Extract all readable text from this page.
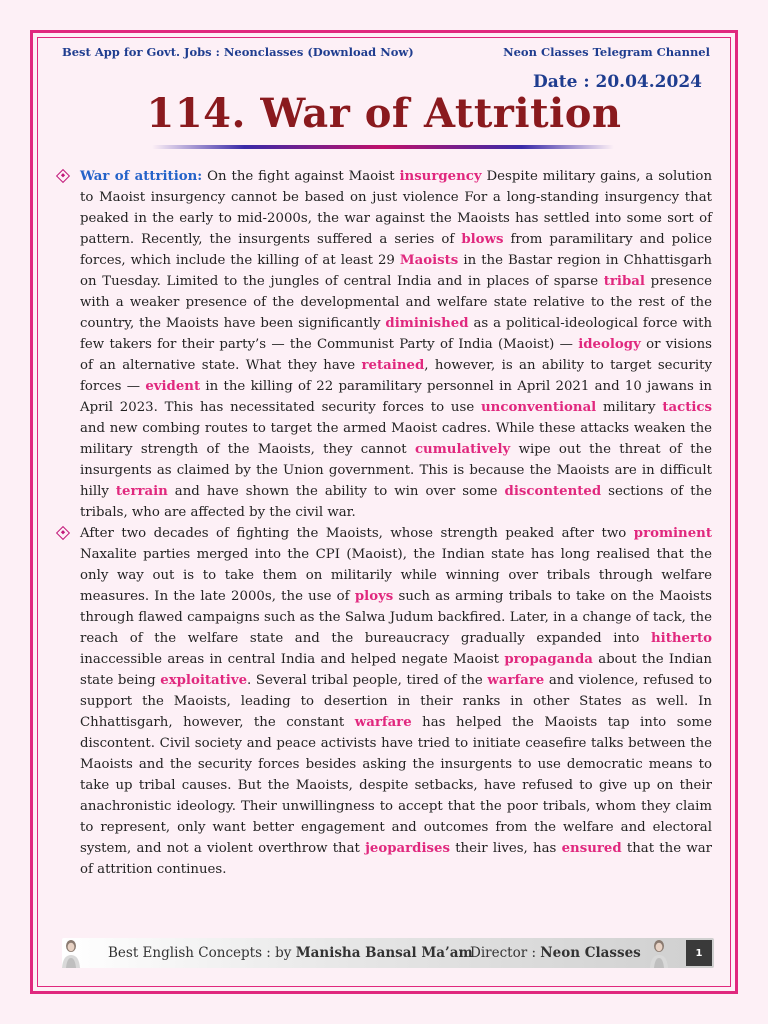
Best App for Govt. Jobs : Neonclasses (Download Now)	Neon Classes Telegram Channel
Date : 20.04.2024
114. War of Attrition
War of attrition: On the fight against Maoist insurgency Despite military gains, a solution to Maoist insurgency cannot be based on just violence For a long-standing insurgency that peaked in the early to mid-2000s, the war against the Maoists has settled into some sort of pattern. Recently, the insurgents suffered a series of blows from paramilitary and police forces, which include the killing of at least 29 Maoists in the Bastar region in Chhattisgarh on Tuesday. Limited to the jungles of central India and in places of sparse tribal presence with a weaker presence of the developmental and welfare state relative to the rest of the country, the Maoists have been significantly diminished as a political-ideological force with few takers for their party’s — the Communist Party of India (Maoist) — ideology or visions of an alternative state. What they have retained, however, is an ability to target security forces — evident in the killing of 22 paramilitary personnel in April 2021 and 10 jawans in April 2023. This has necessitated security forces to use unconventional military tactics and new combing routes to target the armed Maoist cadres. While these attacks weaken the military strength of the Maoists, they cannot cumulatively wipe out the threat of the insurgents as claimed by the Union government. This is because the Maoists are in difficult hilly terrain and have shown the ability to win over some discontented sections of the tribals, who are affected by the civil war.
After two decades of fighting the Maoists, whose strength peaked after two prominent Naxalite parties merged into the CPI (Maoist), the Indian state has long realised that the only way out is to take them on militarily while winning over tribals through welfare measures. In the late 2000s, the use of ploys such as arming tribals to take on the Maoists through flawed campaigns such as the Salwa Judum backfired. Later, in a change of tack, the reach of the welfare state and the bureaucracy gradually expanded into hitherto inaccessible areas in central India and helped negate Maoist propaganda about the Indian state being exploitative. Several tribal people, tired of the warfare and violence, refused to support the Maoists, leading to desertion in their ranks in other States as well. In Chhattisgarh, however, the constant warfare has helped the Maoists tap into some discontent. Civil society and peace activists have tried to initiate ceasefire talks between the Maoists and the security forces besides asking the insurgents to use democratic means to take up tribal causes. But the Maoists, despite setbacks, have refused to give up on their anachronistic ideology. Their unwillingness to accept that the poor tribals, whom they claim to represent, only want better engagement and outcomes from the welfare and electoral system, and not a violent overthrow that jeopardises their lives, has ensured that the war of attrition continues.
Best English Concepts : by Manisha Bansal Ma’am
Director : Neon Classes	1
